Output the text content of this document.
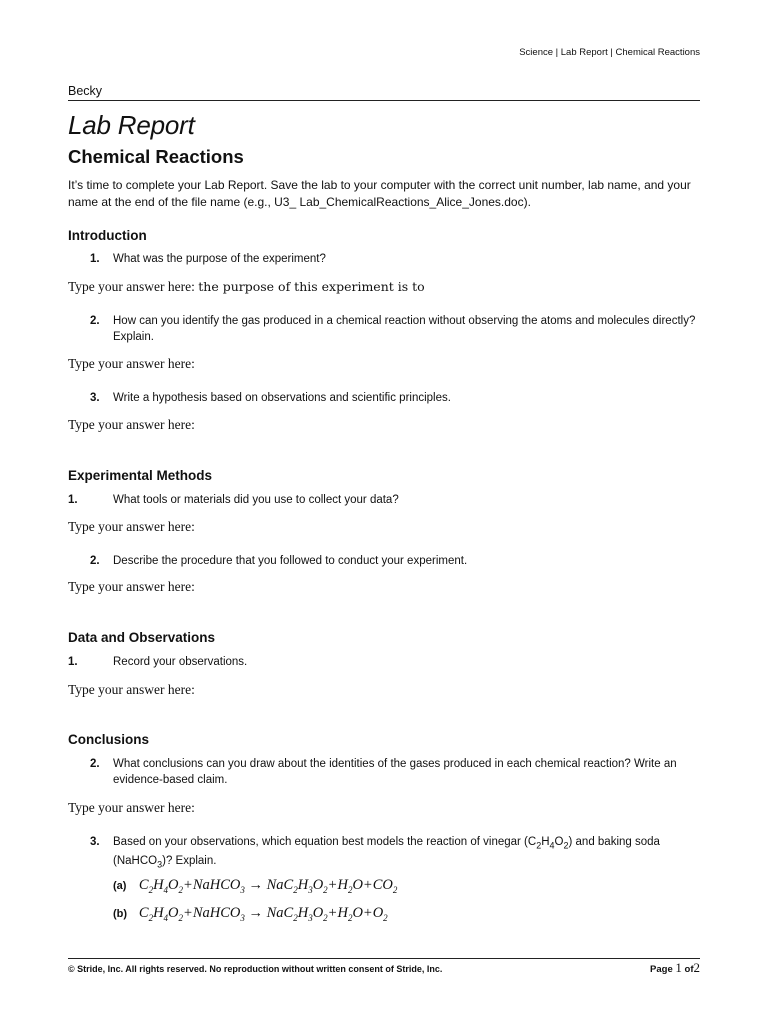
Science | Lab Report | Chemical Reactions
Becky
Lab Report
Chemical Reactions
It’s time to complete your Lab Report. Save the lab to your computer with the correct unit number, lab name, and your name at the end of the file name (e.g., U3_ Lab_ChemicalReactions_Alice_Jones.doc).
Introduction
1. What was the purpose of the experiment?
Type your answer here: the purpose of this experiment is to
2. How can you identify the gas produced in a chemical reaction without observing the atoms and molecules directly? Explain.
Type your answer here:
3. Write a hypothesis based on observations and scientific principles.
Type your answer here:
Experimental Methods
1.	What tools or materials did you use to collect your data?
Type your answer here:
2. Describe the procedure that you followed to conduct your experiment.
Type your answer here:
Data and Observations
1.	Record your observations.
Type your answer here:
Conclusions
2. What conclusions can you draw about the identities of the gases produced in each chemical reaction? Write an evidence-based claim.
Type your answer here:
3. Based on your observations, which equation best models the reaction of vinegar $(C_2H_4O_2)$ and baking soda (NaHCO$_3$)? Explain.
(a) $C_2H_4O_2+NaHCO_3 \to NaC_2H_3O_2+H_2O+CO_2$
(b) $C_2H_4O_2+NaHCO_3 \to NaC_2H_3O_2+H_2O+O_2$
© Stride, Inc. All rights reserved. No reproduction without written consent of Stride, Inc.	Page 1 of2
